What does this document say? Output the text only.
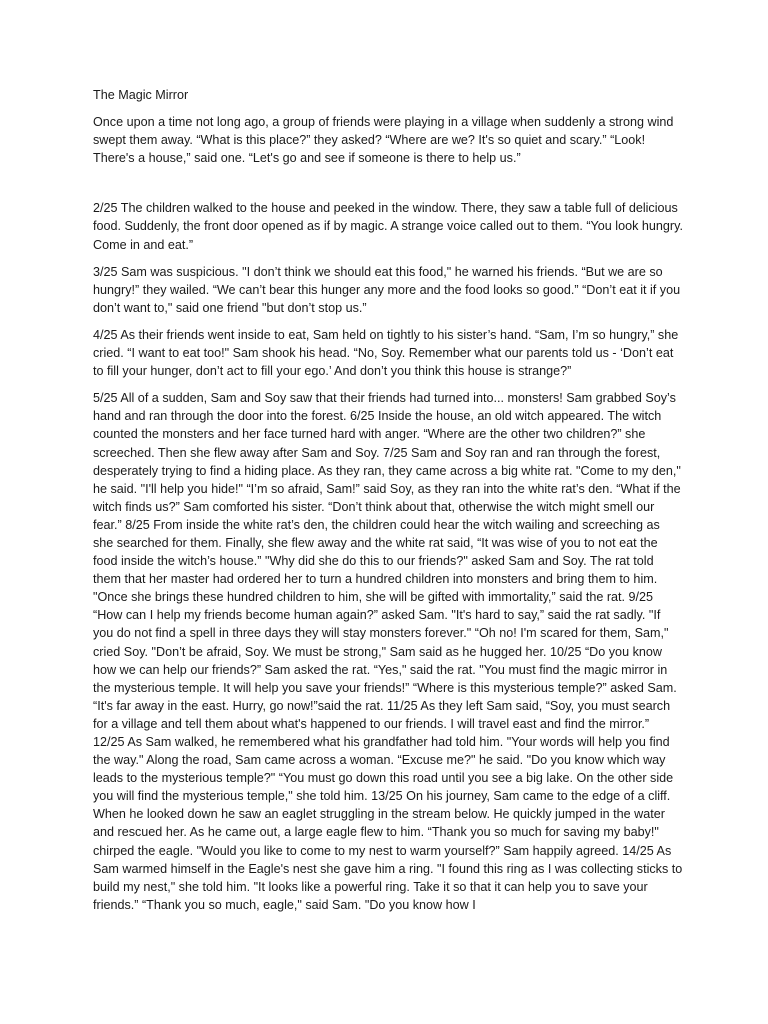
The Magic Mirror

Once upon a time not long ago, a group of friends were playing in a village when suddenly a strong wind swept them away. “What is this place?” they asked? “Where are we? It's so quiet and scary.” “Look! There's a house,” said one. “Let's go and see if someone is there to help us.”

2/25 The children walked to the house and peeked in the window. There, they saw a table full of delicious food. Suddenly, the front door opened as if by magic. A strange voice called out to them. “You look hungry. Come in and eat.”

3/25 Sam was suspicious. "I don’t think we should eat this food," he warned his friends. “But we are so hungry!” they wailed. “We can’t bear this hunger any more and the food looks so good.” “Don’t eat it if you don’t want to," said one friend "but don’t stop us.”

4/25 As their friends went inside to eat, Sam held on tightly to his sister’s hand. “Sam, I’m so hungry,” she cried. “I want to eat too!" Sam shook his head. “No, Soy. Remember what our parents told us - ‘Don’t eat to fill your hunger, don’t act to fill your ego.’ And don’t you think this house is strange?”

5/25 All of a sudden, Sam and Soy saw that their friends had turned into... monsters! Sam grabbed Soy’s hand and ran through the door into the forest. 6/25 Inside the house, an old witch appeared. The witch counted the monsters and her face turned hard with anger. “Where are the other two children?” she screeched. Then she flew away after Sam and Soy. 7/25 Sam and Soy ran and ran through the forest, desperately trying to find a hiding place. As they ran, they came across a big white rat. "Come to my den," he said. "I'll help you hide!" “I’m so afraid, Sam!” said Soy, as they ran into the white rat’s den. “What if the witch finds us?” Sam comforted his sister. “Don’t think about that, otherwise the witch might smell our fear.” 8/25 From inside the white rat’s den, the children could hear the witch wailing and screeching as she searched for them. Finally, she flew away and the white rat said, “It was wise of you to not eat the food inside the witch’s house.” "Why did she do this to our friends?" asked Sam and Soy. The rat told them that her master had ordered her to turn a hundred children into monsters and bring them to him. "Once she brings these hundred children to him, she will be gifted with immortality,” said the rat. 9/25 “How can I help my friends become human again?” asked Sam. "It's hard to say,” said the rat sadly. "If you do not find a spell in three days they will stay monsters forever." “Oh no! I'm scared for them, Sam," cried Soy. "Don’t be afraid, Soy. We must be strong," Sam said as he hugged her. 10/25 “Do you know how we can help our friends?” Sam asked the rat. “Yes," said the rat. "You must find the magic mirror in the mysterious temple. It will help you save your friends!” “Where is this mysterious temple?” asked Sam. “It's far away in the east. Hurry, go now!”said the rat. 11/25 As they left Sam said, “Soy, you must search for a village and tell them about what's happened to our friends. I will travel east and find the mirror.” 12/25 As Sam walked, he remembered what his grandfather had told him. "Your words will help you find the way." Along the road, Sam came across a woman. “Excuse me?" he said. "Do you know which way leads to the mysterious temple?" “You must go down this road until you see a big lake. On the other side you will find the mysterious temple," she told him. 13/25 On his journey, Sam came to the edge of a cliff. When he looked down he saw an eaglet struggling in the stream below. He quickly jumped in the water and rescued her. As he came out, a large eagle flew to him. “Thank you so much for saving my baby!" chirped the eagle. "Would you like to come to my nest to warm yourself?” Sam happily agreed. 14/25 As Sam warmed himself in the Eagle's nest she gave him a ring. "I found this ring as I was collecting sticks to build my nest," she told him. "It looks like a powerful ring. Take it so that it can help you to save your friends.” “Thank you so much, eagle," said Sam. "Do you know how I
